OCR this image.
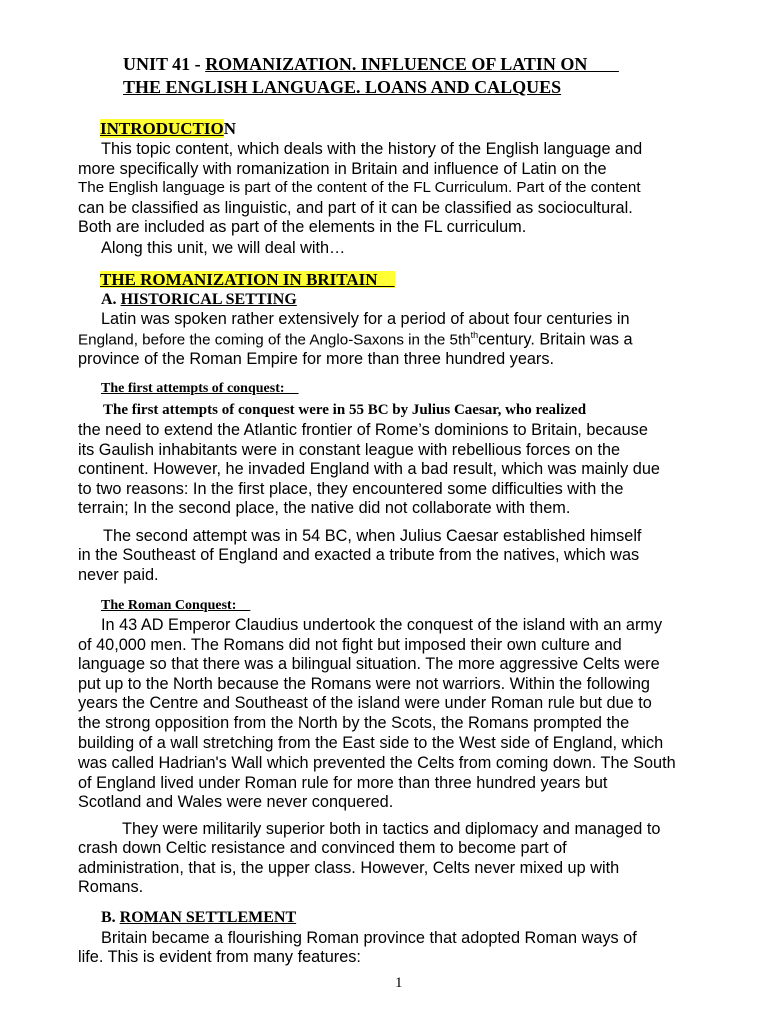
UNIT 41 - ROMANIZATION. INFLUENCE OF LATIN ON
THE ENGLISH LANGUAGE. LOANS AND CALQUES
INTRODUCTION
This topic content, which deals with the history of the English language and
more specifically with romanization in Britain and influence of Latin on the
The English language is part of the content of the FL Curriculum. Part of the content
can be classified as linguistic, and part of it can be classified as sociocultural.
Both are included as part of the elements in the FL curriculum.
Along this unit, we will deal with…
THE ROMANIZATION IN BRITAIN
A. HISTORICAL SETTING
Latin was spoken rather extensively for a period of about four centuries in
England, before the coming of the Anglo-Saxons in the $5th^{th}century$. Britain was a
province of the Roman Empire for more than three hundred years.
The first attempts of conquest:
The first attempts of conquest were in 55 BC by Julius Caesar, who realized
the need to extend the Atlantic frontier of Rome’s dominions to Britain, because
its Gaulish inhabitants were in constant league with rebellious forces on the
continent. However, he invaded England with a bad result, which was mainly due
to two reasons: In the first place, they encountered some difficulties with the
terrain; In the second place, the native did not collaborate with them.
The second attempt was in 54 BC, when Julius Caesar established himself
in the Southeast of England and exacted a tribute from the natives, which was
never paid.
The Roman Conquest:
In 43 AD Emperor Claudius undertook the conquest of the island with an army
of 40,000 men. The Romans did not fight but imposed their own culture and
language so that there was a bilingual situation. The more aggressive Celts were
put up to the North because the Romans were not warriors. Within the following
years the Centre and Southeast of the island were under Roman rule but due to
the strong opposition from the North by the Scots, the Romans prompted the
building of a wall stretching from the East side to the West side of England, which
was called Hadrian's Wall which prevented the Celts from coming down. The South
of England lived under Roman rule for more than three hundred years but
Scotland and Wales were never conquered.
They were militarily superior both in tactics and diplomacy and managed to
crash down Celtic resistance and convinced them to become part of
administration, that is, the upper class. However, Celts never mixed up with
Romans.
B. ROMAN SETTLEMENT
Britain became a flourishing Roman province that adopted Roman ways of
life. This is evident from many features:
1
